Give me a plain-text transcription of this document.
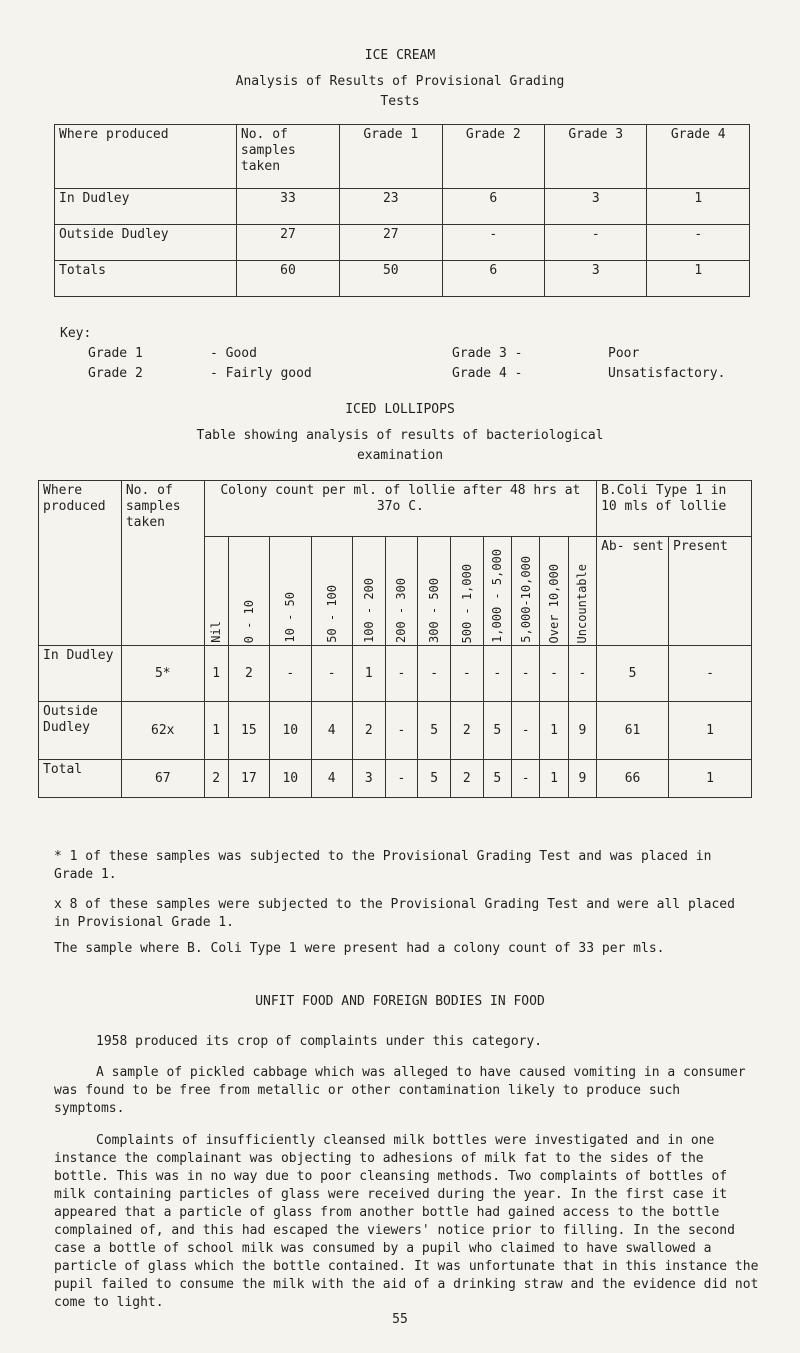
ICE CREAM
Analysis of Results of Provisional Grading
Tests
Where produced	No. of samples taken	Grade 1	Grade 2	Grade 3	Grade 4
In Dudley	33	23	6	3	1
Outside Dudley	27	27	-	-	-
Totals	60	50	6	3	1
Key:
Grade 1	- Good	Grade 3 -	Poor
Grade 2	- Fairly good	Grade 4 -	Unsatisfactory.
ICED LOLLIPOPS
Table showing analysis of results of bacteriological
examination
Where produced	No. of samples taken	Colony count per ml. of lollie after 48 hrs at 37o C.												B.Coli Type 1 in 10 mls of lollie	

		Nil	0 - 10	10 - 50	50 - 100	100 - 200	200 - 300	300 - 500	500 - 1,000	1,000 - 5,000	5,000-10,000	Over 10,000	Uncountable	Ab- sent	Present
In Dudley	5*	1	2	-	-	1	-	-	-	-	-	-	-	5	-
Outside Dudley	62x	1	15	10	4	2	-	5	2	5	-	1	9	61	1
Total	67	2	17	10	4	3	-	5	2	5	-	1	9	66	1
* 1 of these samples was subjected to the Provisional Grading Test and was placed in Grade 1.
x 8 of these samples were subjected to the Provisional Grading Test and were all placed in Provisional Grade 1.
The sample where B. Coli Type 1 were present had a colony count of 33 per mls.
UNFIT FOOD AND FOREIGN BODIES IN FOOD
1958 produced its crop of complaints under this category.
A sample of pickled cabbage which was alleged to have caused vomiting in a consumer was found to be free from metallic or other contamination likely to produce such symptoms.
Complaints of insufficiently cleansed milk bottles were investigated and in one instance the complainant was objecting to adhesions of milk fat to the sides of the bottle. This was in no way due to poor cleansing methods. Two complaints of bottles of milk containing particles of glass were received during the year. In the first case it appeared that a particle of glass from another bottle had gained access to the bottle complained of, and this had escaped the viewers' notice prior to filling. In the second case a bottle of school milk was consumed by a pupil who claimed to have swallowed a particle of glass which the bottle contained. It was unfortunate that in this instance the pupil failed to consume the milk with the aid of a drinking straw and the evidence did not come to light.
55
